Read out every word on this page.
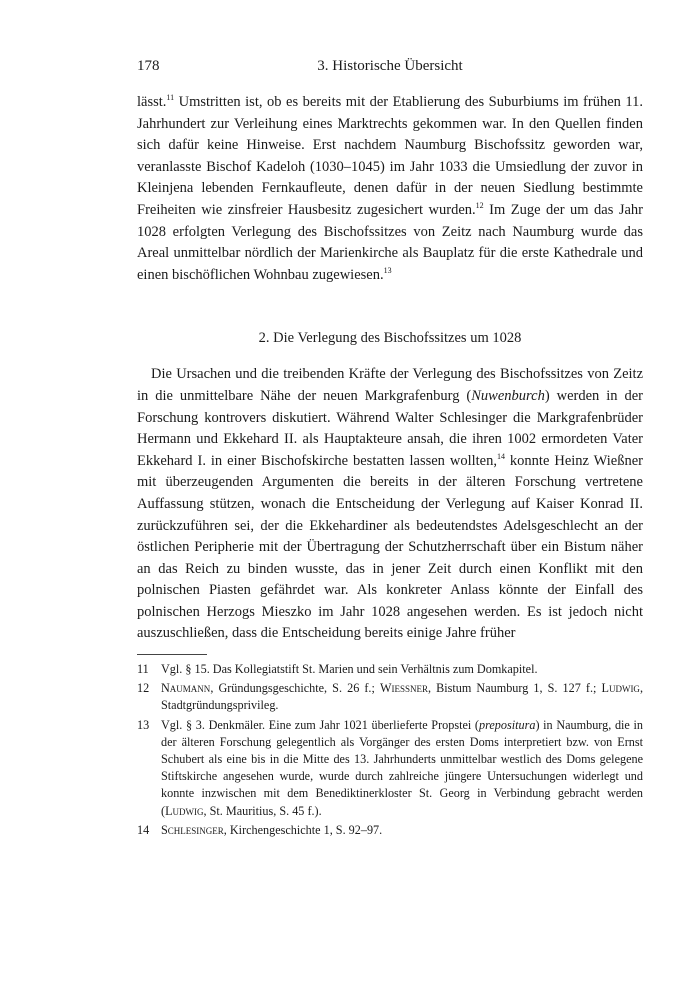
178	3. Historische Übersicht

lässt.$^{11}$ Umstritten ist, ob es bereits mit der Etablierung des Suburbiums im frühen 11. Jahrhundert zur Verleihung eines Marktrechts gekommen war. In den Quellen finden sich dafür keine Hinweise. Erst nachdem Naumburg Bischofssitz geworden war, veranlasste Bischof Kadeloh (1030–1045) im Jahr 1033 die Umsiedlung der zuvor in Kleinjena lebenden Fernkaufleute, denen dafür in der neuen Siedlung bestimmte Freiheiten wie zinsfreier Hausbesitz zugesichert wurden.$^{12}$ Im Zuge der um das Jahr 1028 erfolgten Verlegung des Bischofssitzes von Zeitz nach Naumburg wurde das Areal unmittelbar nördlich der Marienkirche als Bauplatz für die erste Kathedrale und einen bischöflichen Wohnbau zugewiesen.$^{13}$

2. Die Verlegung des Bischofssitzes um 1028

Die Ursachen und die treibenden Kräfte der Verlegung des Bischofssitzes von Zeitz in die unmittelbare Nähe der neuen Markgrafenburg (Nuwenburch) werden in der Forschung kontrovers diskutiert. Während Walter Schlesinger die Markgrafenbrüder Hermann und Ekkehard II. als Hauptakteure ansah, die ihren 1002 ermordeten Vater Ekkehard I. in einer Bischofskirche bestatten lassen wollten,$^{14}$ konnte Heinz Wießner mit überzeugenden Argumenten die bereits in der älteren Forschung vertretene Auffassung stützen, wonach die Entscheidung der Verlegung auf Kaiser Konrad II. zurückzuführen sei, der die Ekkehardiner als bedeutendstes Adelsgeschlecht an der östlichen Peripherie mit der Übertragung der Schutzherrschaft über ein Bistum näher an das Reich zu binden wusste, das in jener Zeit durch einen Konflikt mit den polnischen Piasten gefährdet war. Als konkreter Anlass könnte der Einfall des polnischen Herzogs Mieszko im Jahr 1028 angesehen werden. Es ist jedoch nicht auszuschließen, dass die Entscheidung bereits einige Jahre früher

11	Vgl. § 15. Das Kollegiatstift St. Marien und sein Verhältnis zum Domkapitel.
12 Naumann, Gründungsgeschichte, S. 26 f.; Wiessner, Bistum Naumburg 1, S. 127 f.; Ludwig, Stadtgründungsprivileg.
13 Vgl. § 3. Denkmäler. Eine zum Jahr 1021 überlieferte Propstei (prepositura) in Naumburg, die in der älteren Forschung gelegentlich als Vorgänger des ersten Doms interpretiert bzw. von Ernst Schubert als eine bis in die Mitte des 13. Jahrhunderts unmittelbar westlich des Doms gelegene Stiftskirche angesehen wurde, wurde durch zahlreiche jüngere Untersuchungen widerlegt und konnte inzwischen mit dem Benediktinerkloster St. Georg in Verbindung gebracht werden (Ludwig, St. Mauritius, S. 45 f.).
14 Schlesinger, Kirchengeschichte 1, S. 92–97.
